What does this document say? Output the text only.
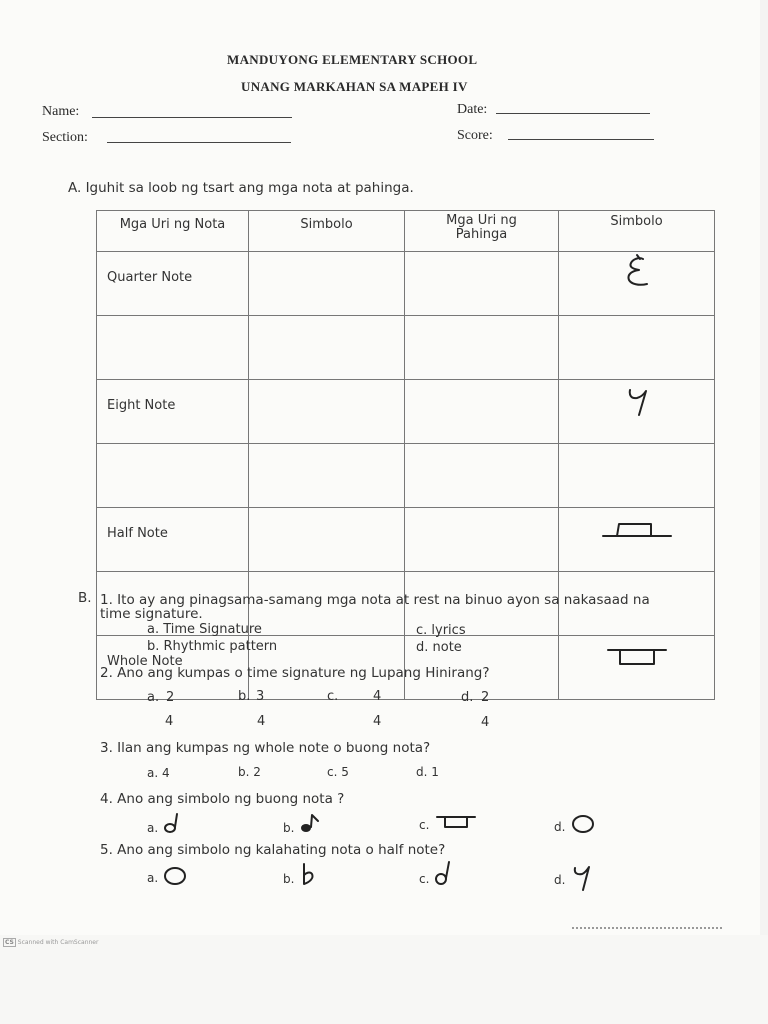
MANDUYONG ELEMENTARY SCHOOL
UNANG MARKAHAN SA MAPEH IV
Name:	Date:
Section:	Score:
A. Iguhit sa loob ng tsart ang mga nota at pahinga.
Mga Uri ng Nota	Simbolo	Mga Uri ng Pahinga	Simbolo
Quarter Note			

Eight Note			

Half Note			

Whole Note			
B. 1. Ito ay ang pinagsama-samang mga nota at rest na binuo ayon sa nakasaad na
time signature.
a. Time Signature	c. lyrics
b. Rhythmic pattern	d. note
2. Ano ang kumpas o time signature ng Lupang Hinirang?
a. 2
4
b. 3
4
c.	4
4
d. 2
4
3. Ilan ang kumpas ng whole note o buong nota?
a. 4	b. 2	c. 5	d. 1
4. Ano ang simbolo ng buong nota ?
a.	b.	c.	d.
5. Ano ang simbolo ng kalahating nota o half note?
a.	b.	c.	d.
CS Scanned with CamScanner
